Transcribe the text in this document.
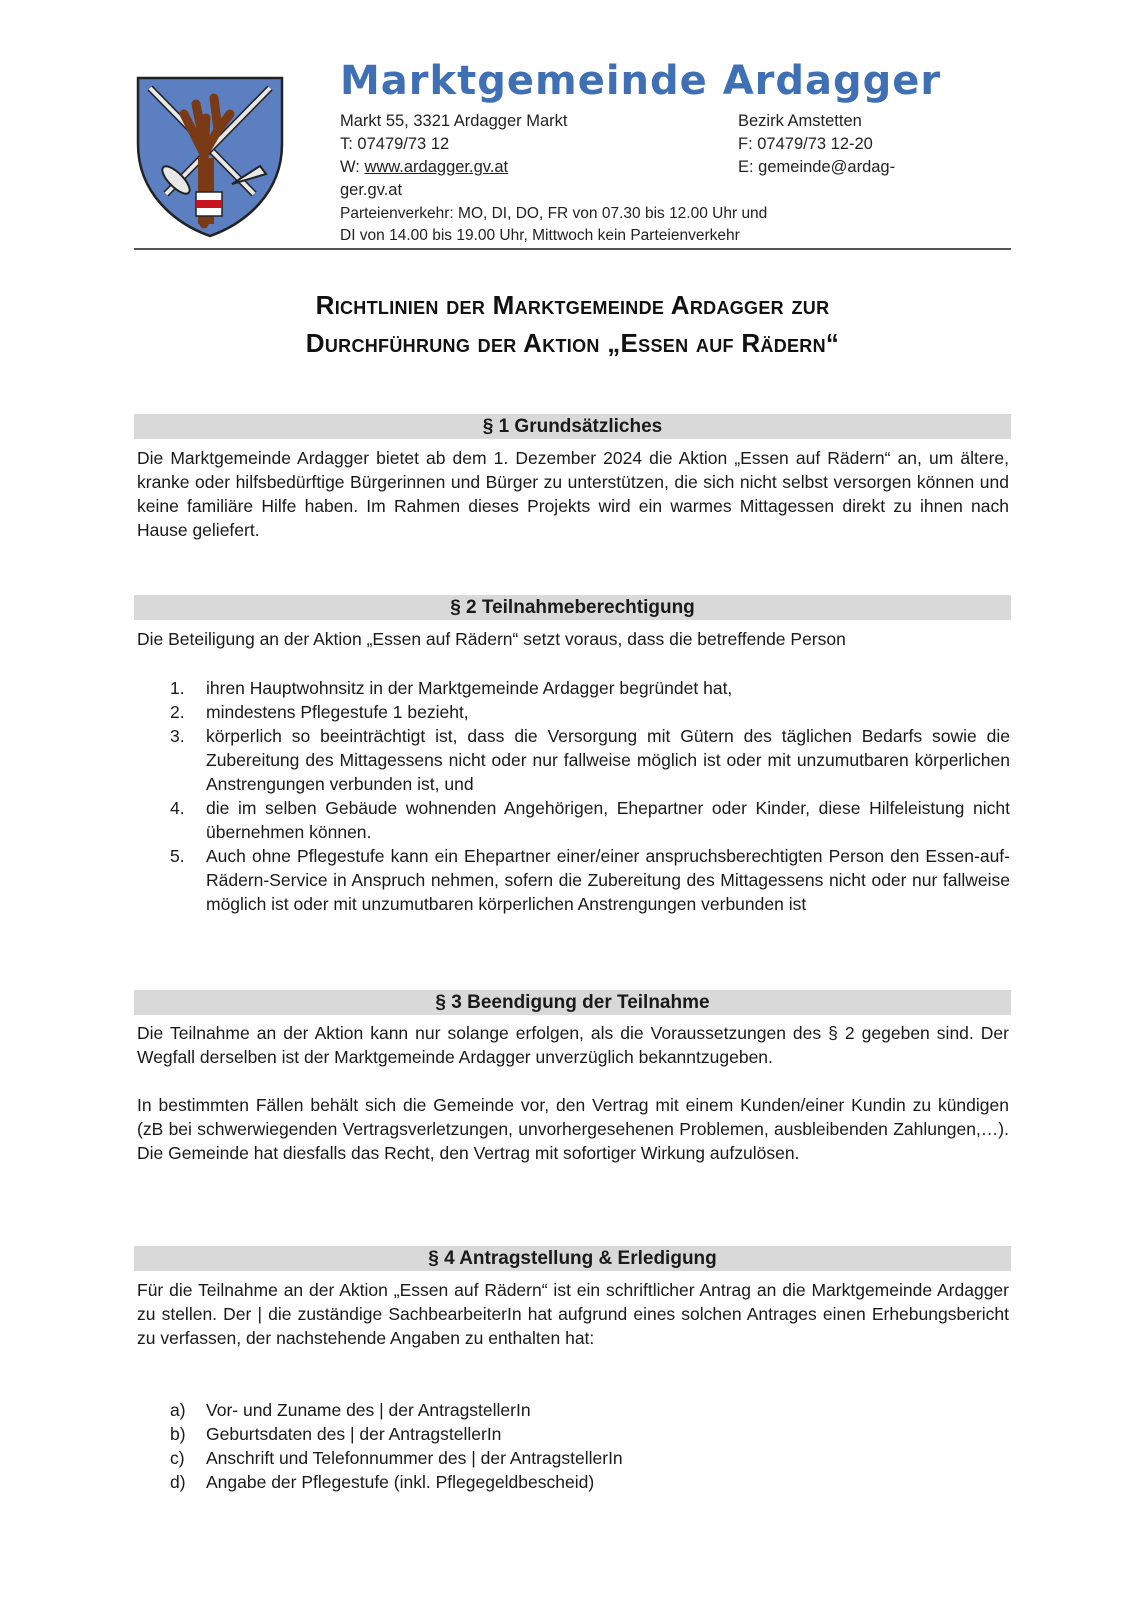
Marktgemeinde Ardagger
Markt 55, 3321 Ardagger Markt	Bezirk Amstetten
T: 07479/73 12	F: 07479/73 12-20
W: www.ardagger.gv.at	E: gemeinde@ardag-
ger.gv.at
Parteienverkehr: MO, DI, DO, FR von 07.30 bis 12.00 Uhr und
DI von 14.00 bis 19.00 Uhr, Mittwoch kein Parteienverkehr
Richtlinien der Marktgemeinde Ardagger zur
Durchführung der Aktion „Essen auf Rädern“
§ 1 Grundsätzliches
Die Marktgemeinde Ardagger bietet ab dem 1. Dezember 2024 die Aktion „Essen auf Rädern“ an, um ältere, kranke oder hilfsbedürftige Bürgerinnen und Bürger zu unterstützen, die sich nicht selbst versorgen können und keine familiäre Hilfe haben. Im Rahmen dieses Projekts wird ein warmes Mittagessen direkt zu ihnen nach Hause geliefert.
§ 2 Teilnahmeberechtigung
Die Beteiligung an der Aktion „Essen auf Rädern“ setzt voraus, dass die betreffende Person
1. ihren Hauptwohnsitz in der Marktgemeinde Ardagger begründet hat,
2. mindestens Pflegestufe 1 bezieht,
3. körperlich so beeinträchtigt ist, dass die Versorgung mit Gütern des täglichen Bedarfs sowie die Zubereitung des Mittagessens nicht oder nur fallweise möglich ist oder mit unzumutbaren körperlichen Anstrengungen verbunden ist, und
4. die im selben Gebäude wohnenden Angehörigen, Ehepartner oder Kinder, diese Hilfeleistung nicht übernehmen können.
5. Auch ohne Pflegestufe kann ein Ehepartner einer/einer anspruchsberechtigten Person den Essen-auf-Rädern-Service in Anspruch nehmen, sofern die Zubereitung des Mittagessens nicht oder nur fallweise möglich ist oder mit unzumutbaren körperlichen Anstrengungen verbunden ist
§ 3 Beendigung der Teilnahme
Die Teilnahme an der Aktion kann nur solange erfolgen, als die Voraussetzungen des § 2 gegeben sind. Der Wegfall derselben ist der Marktgemeinde Ardagger unverzüglich bekanntzugeben.
In bestimmten Fällen behält sich die Gemeinde vor, den Vertrag mit einem Kunden/einer Kundin zu kündigen (zB bei schwerwiegenden Vertragsverletzungen, unvorhergesehenen Problemen, ausbleibenden Zahlungen,…). Die Gemeinde hat diesfalls das Recht, den Vertrag mit sofortiger Wirkung aufzulösen.
§ 4 Antragstellung & Erledigung
Für die Teilnahme an der Aktion „Essen auf Rädern“ ist ein schriftlicher Antrag an die Marktgemeinde Ardagger zu stellen. Der | die zuständige SachbearbeiterIn hat aufgrund eines solchen Antrages einen Erhebungsbericht zu verfassen, der nachstehende Angaben zu enthalten hat:
a) Vor- und Zuname des | der AntragstellerIn
b) Geburtsdaten des | der AntragstellerIn
c) Anschrift und Telefonnummer des | der AntragstellerIn
d) Angabe der Pflegestufe (inkl. Pflegegeldbescheid)
